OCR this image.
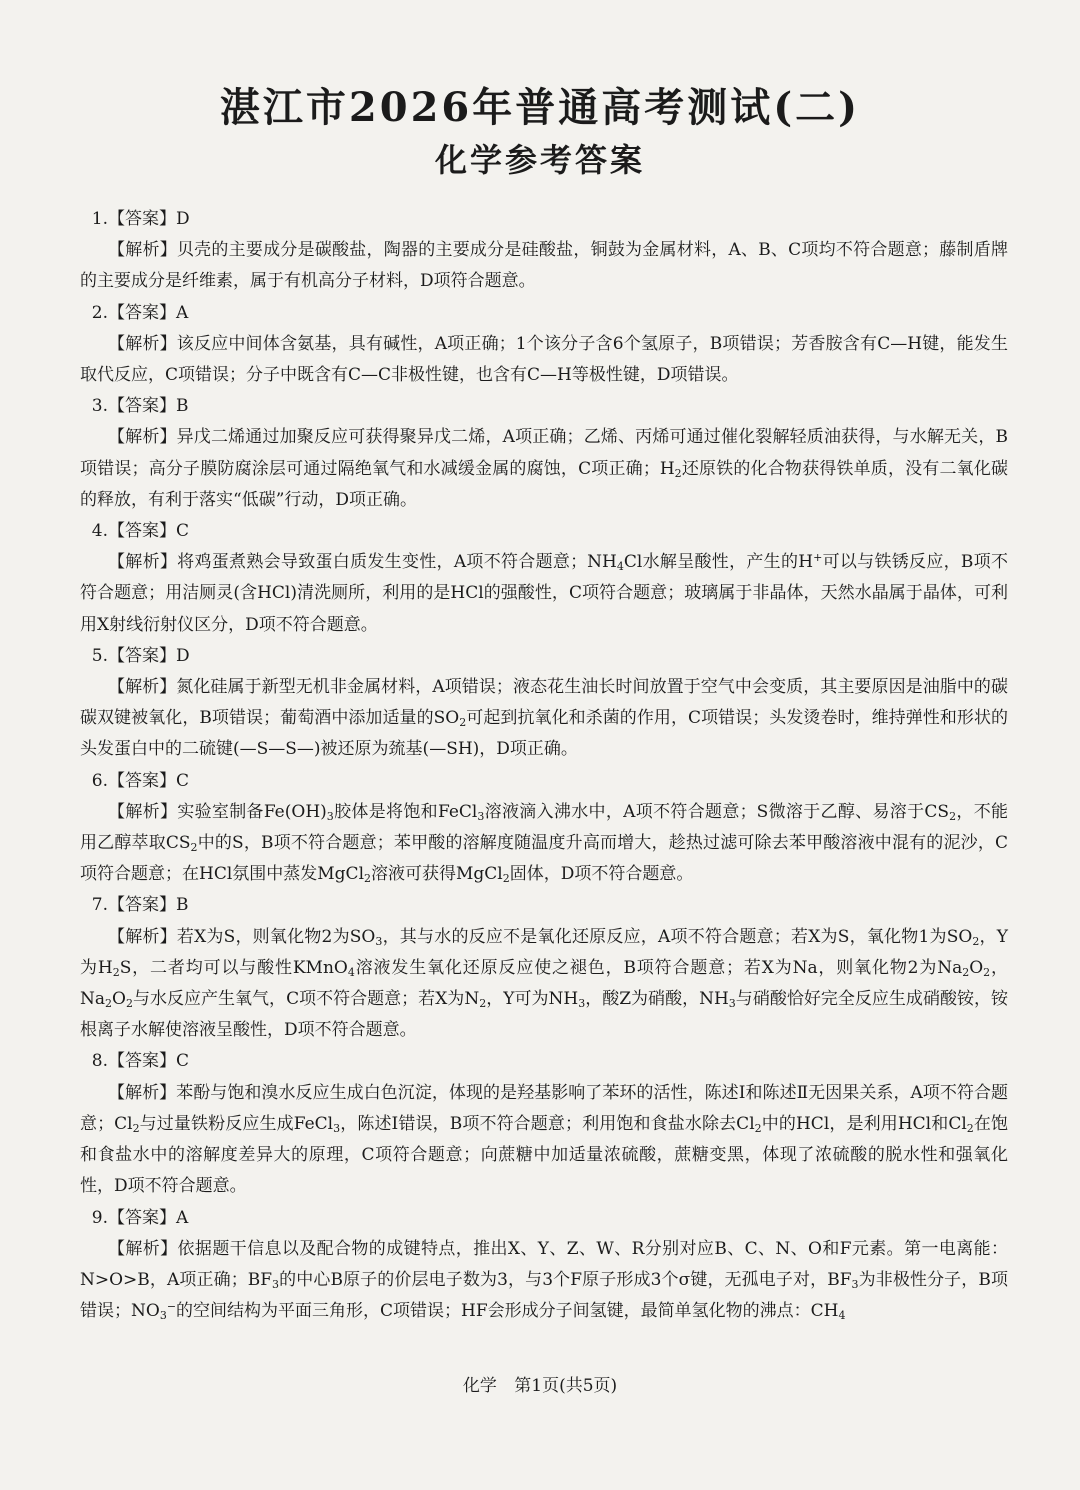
湛江市2026年普通高考测试(二)
化学参考答案
1.【答案】D
【解析】贝壳的主要成分是碳酸盐，陶器的主要成分是硅酸盐，铜鼓为金属材料，A、B、C项均不符合题意；藤制盾牌的主要成分是纤维素，属于有机高分子材料，D项符合题意。
2.【答案】A
【解析】该反应中间体含氨基，具有碱性，A项正确；1个该分子含6个氢原子，B项错误；芳香胺含有C—H键，能发生取代反应，C项错误；分子中既含有C—C非极性键，也含有C—H等极性键，D项错误。
3.【答案】B
【解析】异戊二烯通过加聚反应可获得聚异戊二烯，A项正确；乙烯、丙烯可通过催化裂解轻质油获得，与水解无关，B项错误；高分子膜防腐涂层可通过隔绝氧气和水减缓金属的腐蚀，C项正确；$H_2$还原铁的化合物获得铁单质，没有二氧化碳的释放，有利于落实“低碳”行动，D项正确。
4.【答案】C
【解析】将鸡蛋煮熟会导致蛋白质发生变性，A项不符合题意；$NH_4Cl$水解呈酸性，产生的H+可以与铁锈反应，B项不符合题意；用洁厕灵(含HCl)清洗厕所，利用的是HCl的强酸性，C项符合题意；玻璃属于非晶体，天然水晶属于晶体，可利用X射线衍射仪区分，D项不符合题意。
5.【答案】D
【解析】氮化硅属于新型无机非金属材料，A项错误；液态花生油长时间放置于空气中会变质，其主要原因是油脂中的碳碳双键被氧化，B项错误；葡萄酒中添加适量的$SO_2$可起到抗氧化和杀菌的作用，C项错误；头发烫卷时，维持弹性和形状的头发蛋白中的二硫键(—S—S—)被还原为巯基(—SH)，D项正确。
6.【答案】C
【解析】实验室制备$Fe(OH)_3$胶体是将饱和FeCl$_3$溶液滴入沸水中，A项不符合题意；S微溶于乙醇、易溶于$CS_2$，不能用乙醇萃取$CS_2$中的S，B项不符合题意；苯甲酸的溶解度随温度升高而增大，趁热过滤可除去苯甲酸溶液中混有的泥沙，C项符合题意；在HCl氛围中蒸发MgCl$_2$溶液可获得MgCl$_2$固体，D项不符合题意。
7.【答案】B
【解析】若X为S，则氧化物2为$SO_3$，其与水的反应不是氧化还原反应，A项不符合题意；若X为S，氧化物1为$SO_2$，Y为$H_2S$，二者均可以与酸性KMnO$_4$溶液发生氧化还原反应使之褪色，B项符合题意；若X为Na，则氧化物2为$Na_2O_2$，$Na_2O_2$与水反应产生氧气，C项不符合题意；若X为$N_2$，Y可为$NH_3$，酸Z为硝酸，$NH_3$与硝酸恰好完全反应生成硝酸铵，铵根离子水解使溶液呈酸性，D项不符合题意。
8.【答案】C
【解析】苯酚与饱和溴水反应生成白色沉淀，体现的是羟基影响了苯环的活性，陈述Ⅰ和陈述Ⅱ无因果关系，A项不符合题意；$Cl_2$与过量铁粉反应生成FeCl$_3$，陈述Ⅰ错误，B项不符合题意；利用饱和食盐水除去$Cl_2$中的HCl，是利用HCl和$Cl_2$在饱和食盐水中的溶解度差异大的原理，C项符合题意；向蔗糖中加适量浓硫酸，蔗糖变黑，体现了浓硫酸的脱水性和强氧化性，D项不符合题意。
9.【答案】A
【解析】依据题干信息以及配合物的成键特点，推出X、Y、Z、W、R分别对应B、C、N、O和F元素。第一电离能：N>O>B，A项正确；$BF_3$的中心B原子的价层电子数为3，与3个F原子形成3个σ键，无孤电子对，$BF_3$为非极性分子，B项错误；$NO_3^-$的空间结构为平面三角形，C项错误；HF会形成分子间氢键，最简单氢化物的沸点：$CH_4$
化学 第1页(共5页)
